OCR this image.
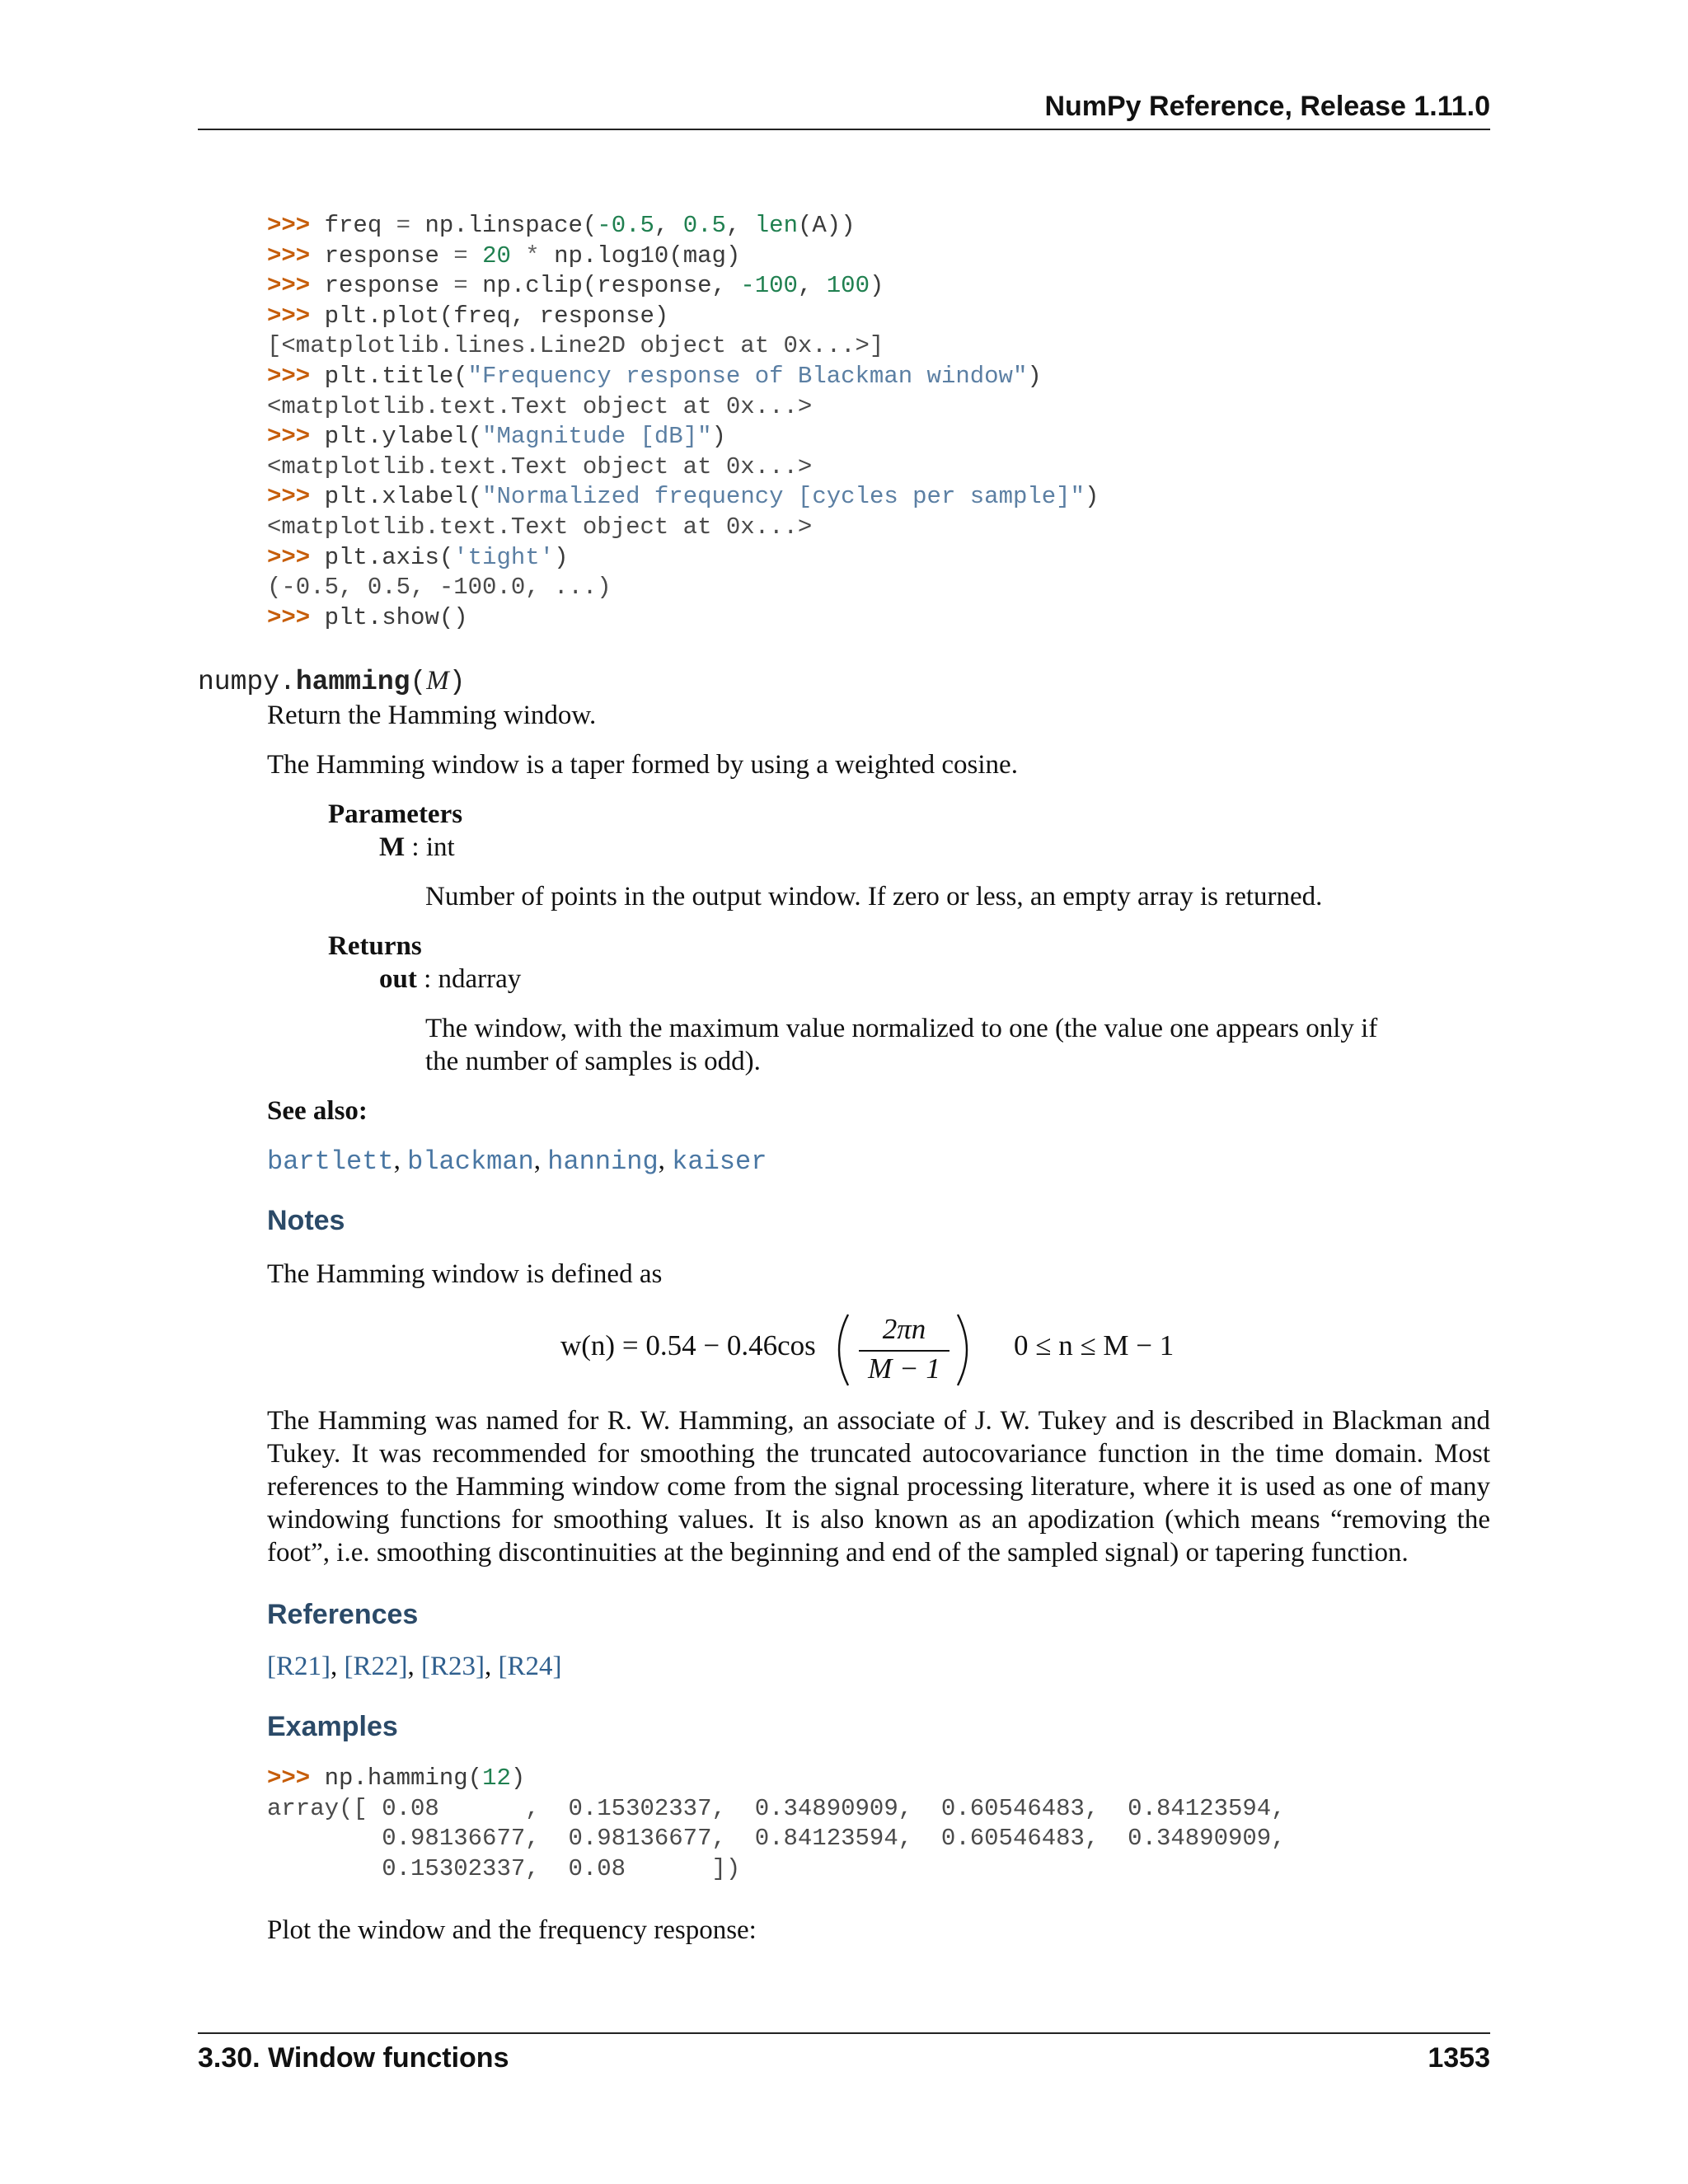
NumPy Reference, Release 1.11.0
>>> freq = np.linspace(-0.5, 0.5, len(A))
>>> response = 20 * np.log10(mag)
>>> response = np.clip(response, -100, 100)
>>> plt.plot(freq, response)
[<matplotlib.lines.Line2D object at 0x...>]
>>> plt.title("Frequency response of Blackman window")
<matplotlib.text.Text object at 0x...>
>>> plt.ylabel("Magnitude [dB]")
<matplotlib.text.Text object at 0x...>
>>> plt.xlabel("Normalized frequency [cycles per sample]")
<matplotlib.text.Text object at 0x...>
>>> plt.axis('tight')
(-0.5, 0.5, -100.0, ...)
>>> plt.show()
numpy.hamming(M)
Return the Hamming window.
The Hamming window is a taper formed by using a weighted cosine.
Parameters
M : int
Number of points in the output window. If zero or less, an empty array is returned.
Returns
out : ndarray
The window, with the maximum value normalized to one (the value one appears only if
the number of samples is odd).
See also:
bartlett, blackman, hanning, kaiser
Notes
The Hamming window is defined as
w(n) = 0.54 − 0.46cos
2πn
M − 1
0 ≤ n ≤ M − 1
The Hamming was named for R. W. Hamming, an associate of J. W. Tukey and is described in Blackman and
Tukey. It was recommended for smoothing the truncated autocovariance function in the time domain. Most
references to the Hamming window come from the signal processing literature, where it is used as one of many
windowing functions for smoothing values. It is also known as an apodization (which means “removing the
foot”, i.e. smoothing discontinuities at the beginning and end of the sampled signal) or tapering function.
References
[R21], [R22], [R23], [R24]
Examples
>>> np.hamming(12)
array([ 0.08      ,  0.15302337,  0.34890909,  0.60546483,  0.84123594,
0.98136677,  0.98136677,  0.84123594,  0.60546483,  0.34890909,
0.15302337,  0.08      ])
Plot the window and the frequency response:
3.30. Window functions	1353
